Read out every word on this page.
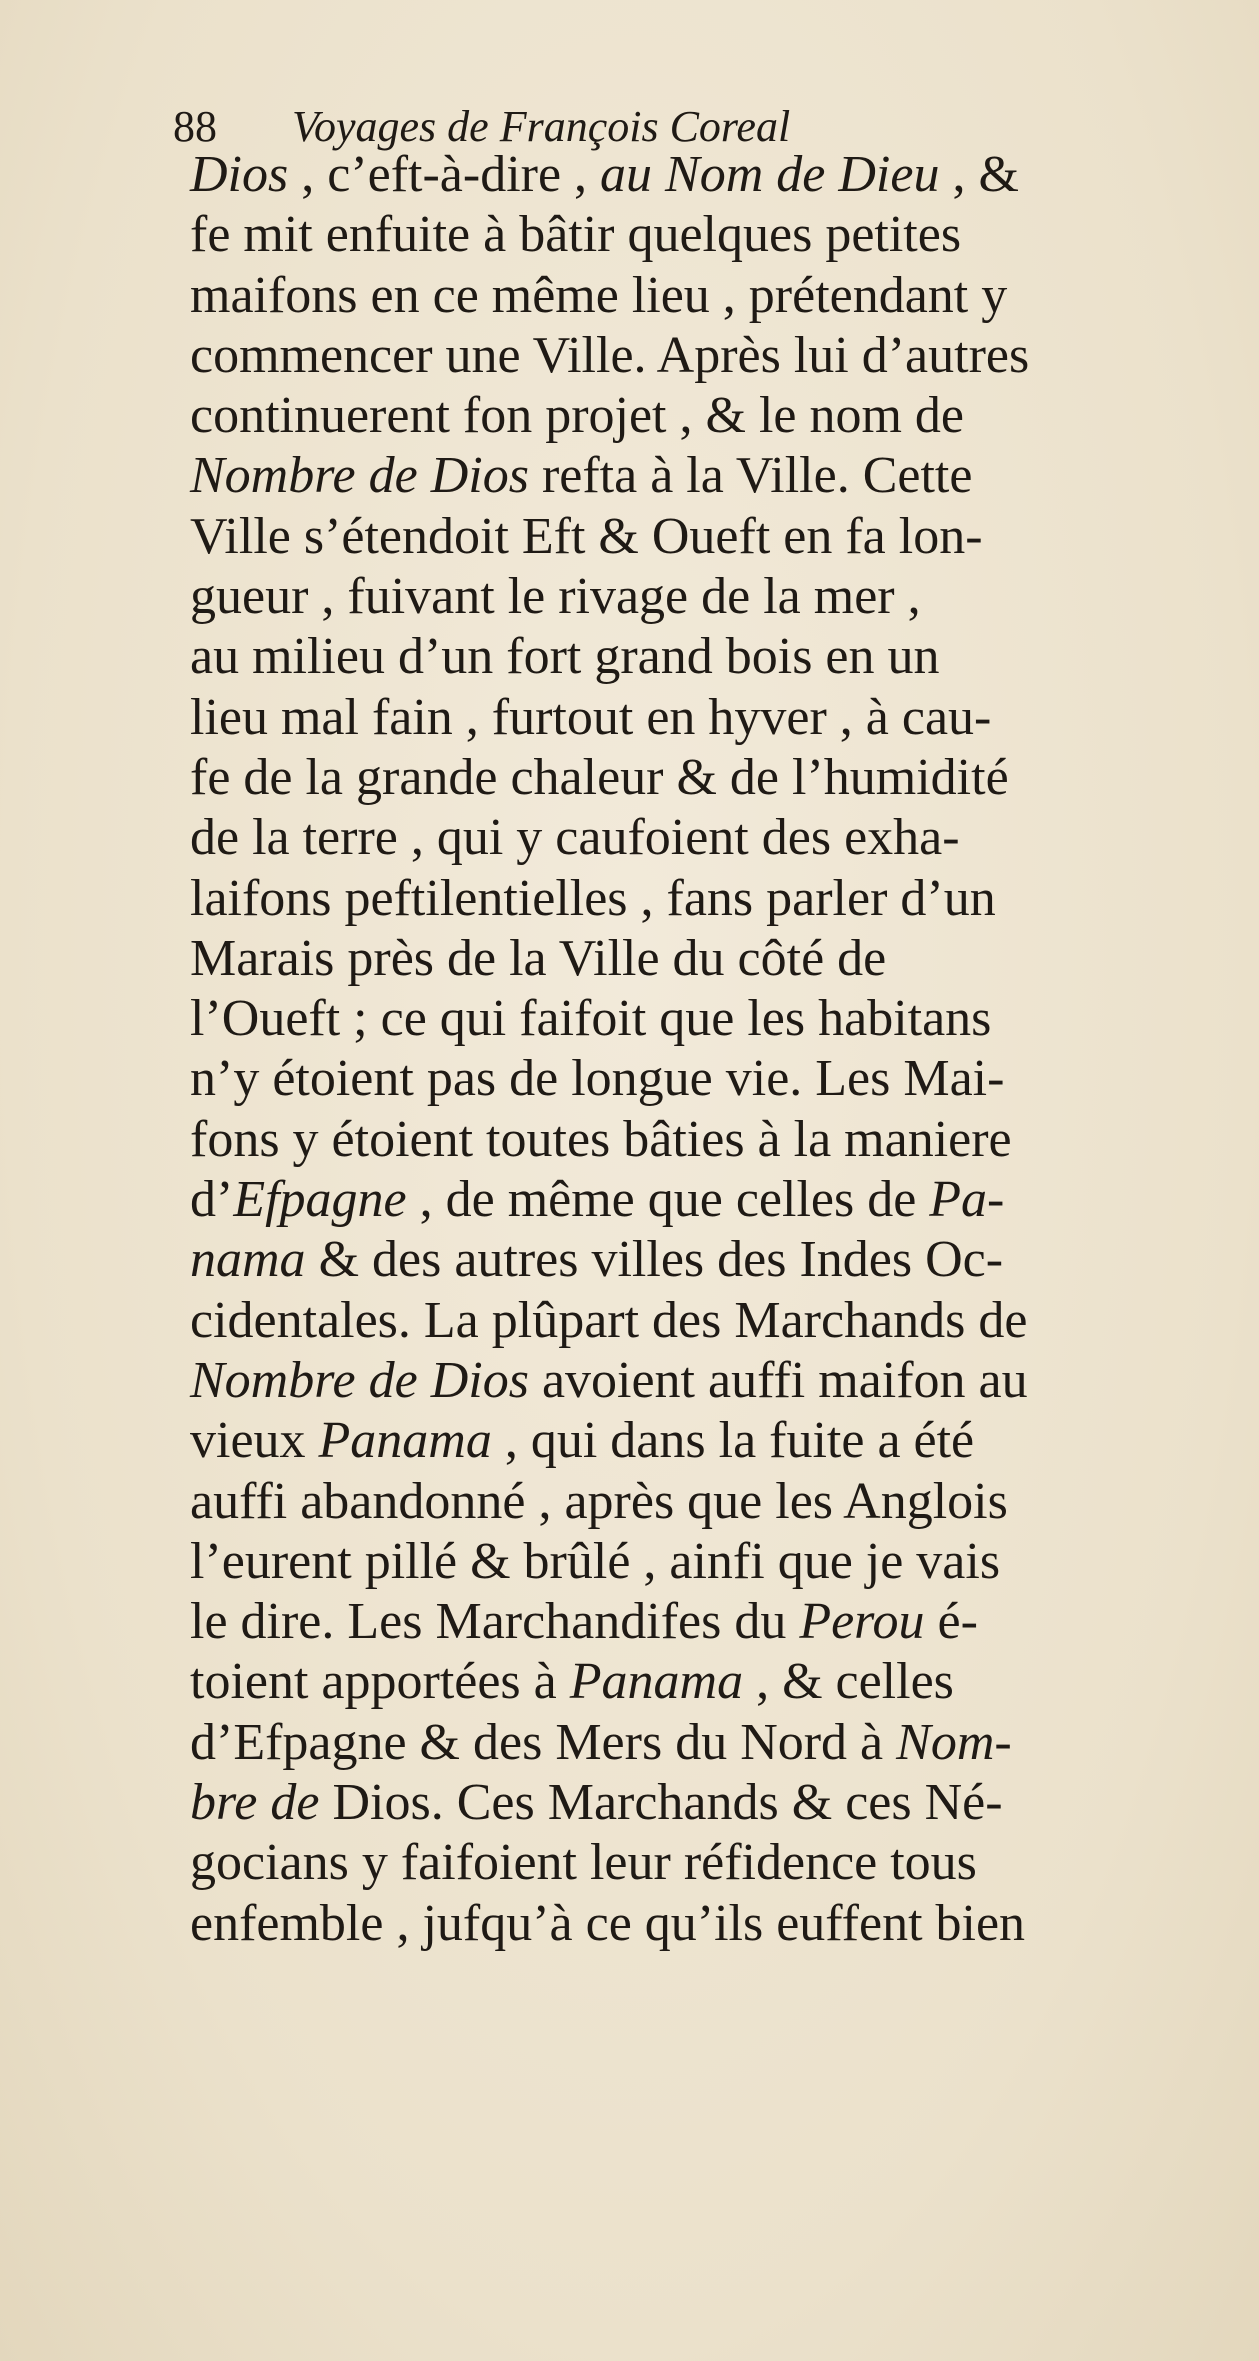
88 Voyages de François Coreal
Dios , c’eft-à-dire , au Nom de Dieu , &
fe mit enfuite à bâtir quelques petites
maifons en ce même lieu , prétendant y
commencer une Ville. Après lui d’autres
continuerent fon projet , & le nom de
Nombre de Dios refta à la Ville. Cette
Ville s’étendoit Eft & Oueft en fa lon-
gueur , fuivant le rivage de la mer ,
au milieu d’un fort grand bois en un
lieu mal fain , furtout en hyver , à cau-
fe de la grande chaleur & de l’humidité
de la terre , qui y caufoient des exha-
laifons peftilentielles , fans parler d’un
Marais près de la Ville du côté de
l’Oueft ; ce qui faifoit que les habitans
n’y étoient pas de longue vie. Les Mai-
fons y étoient toutes bâties à la maniere
d’Efpagne , de même que celles de Pa-
nama & des autres villes des Indes Oc-
cidentales. La plûpart des Marchands de
Nombre de Dios avoient auffi maifon au
vieux Panama , qui dans la fuite a été
auffi abandonné , après que les Anglois
l’eurent pillé & brûlé , ainfi que je vais
le dire. Les Marchandifes du Perou é-
toient apportées à Panama , & celles
d’Efpagne & des Mers du Nord à Nom-
bre de Dios. Ces Marchands & ces Né-
gocians y faifoient leur réfidence tous
enfemble , jufqu’à ce qu’ils euffent bien
